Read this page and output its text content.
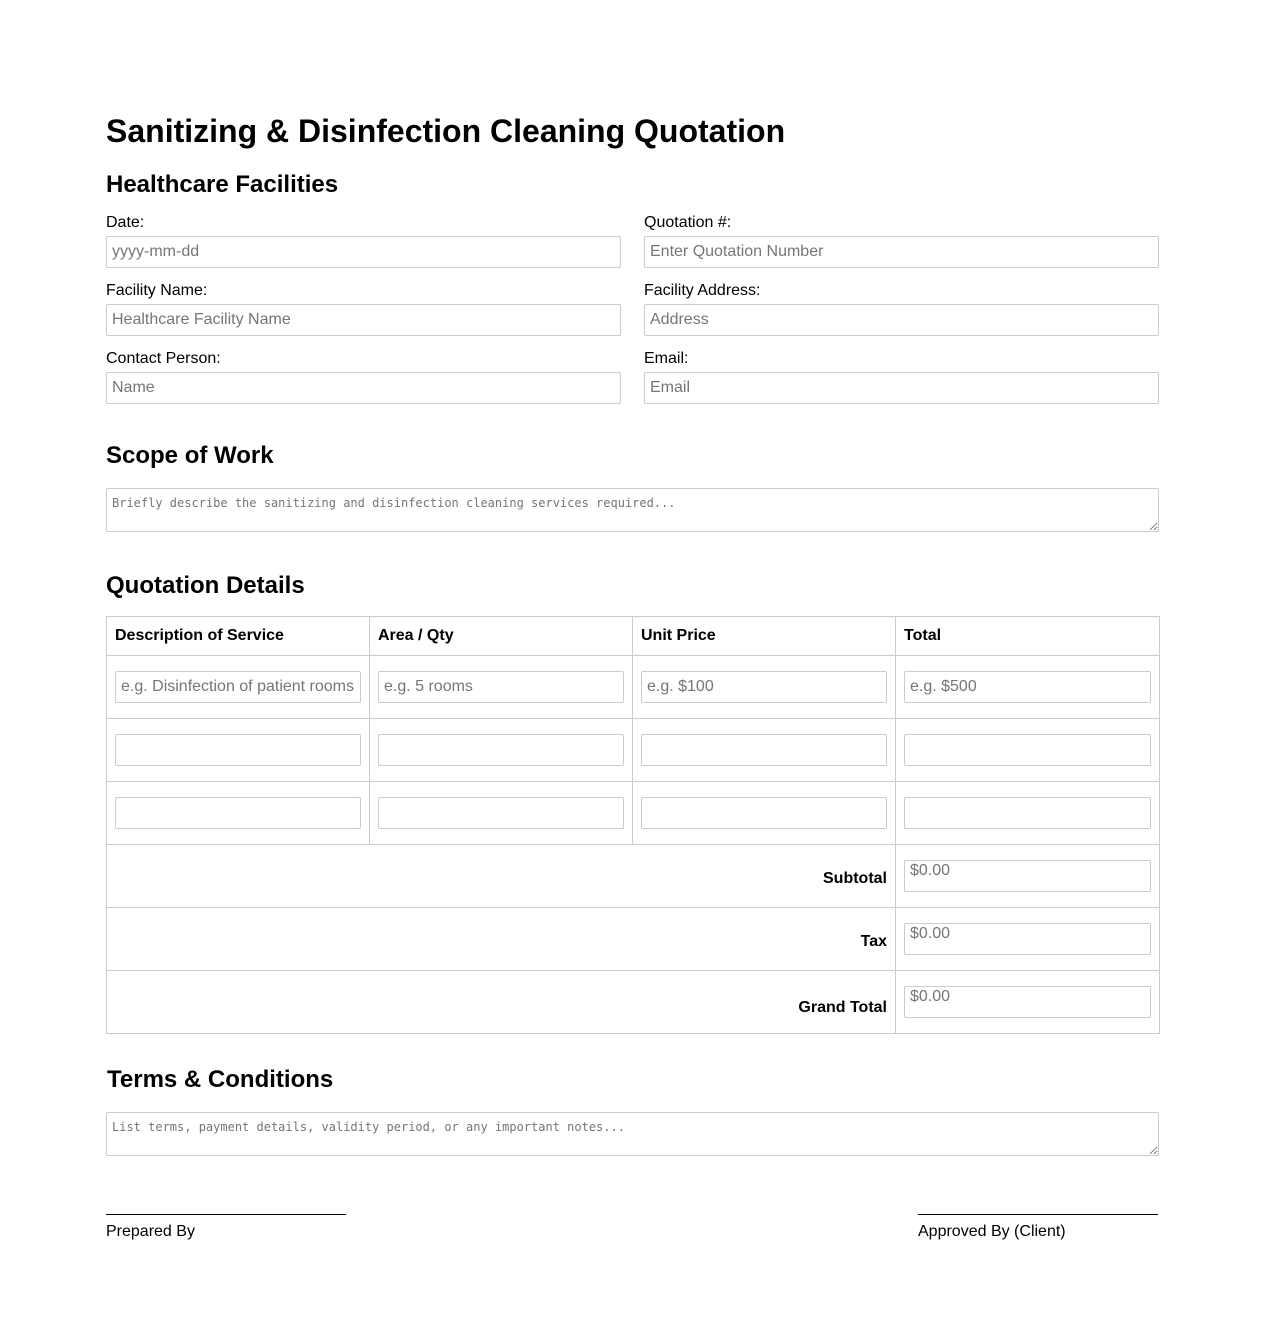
Sanitizing & Disinfection Cleaning Quotation
Healthcare Facilities
Date:
yyyy-mm-dd	Quotation #:
Enter Quotation Number
Facility Name:
Healthcare Facility Name	Facility Address:
Address
Contact Person:
Name	Email:
Email
Scope of Work
Briefly describe the sanitizing and disinfection cleaning services required...
Quotation Details
Description of Service	Area / Qty	Unit Price	Total
e.g. Disinfection of patient rooms	e.g. 5 rooms	e.g. $100	e.g. $500

Subtotal	$0.00
Tax	$0.00
Grand Total	$0.00
Terms & Conditions
List terms, payment details, validity period, or any important notes...
Prepared By	Approved By (Client)
